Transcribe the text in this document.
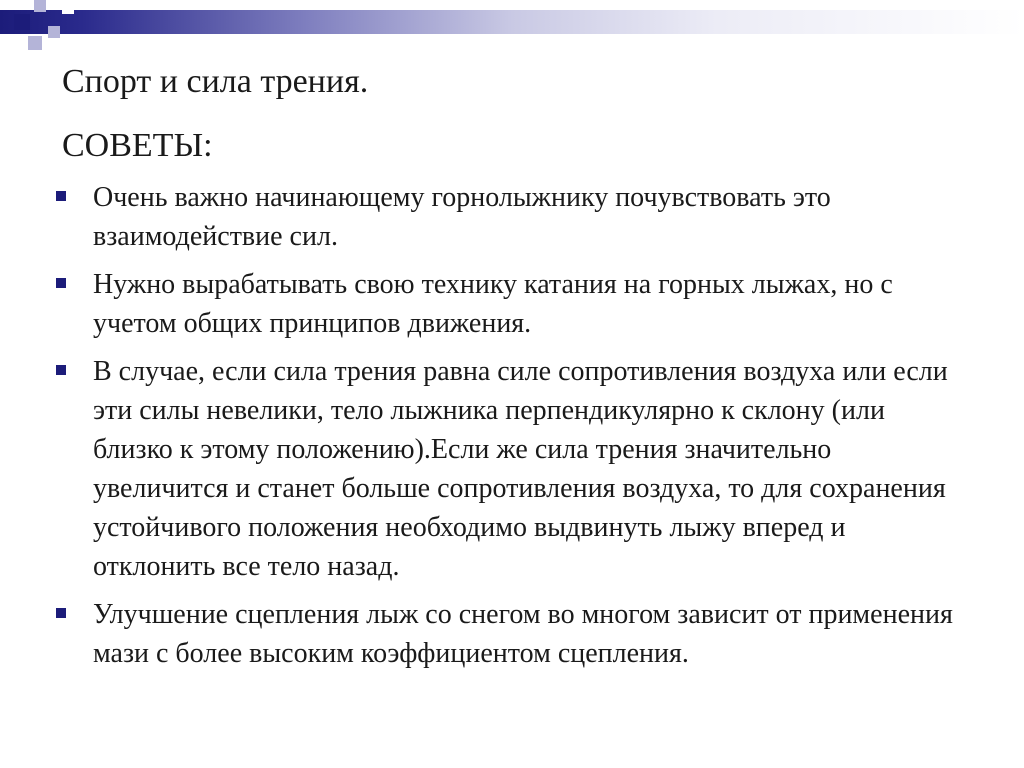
Спорт и сила трения.
СОВЕТЫ:
Очень важно начинающему горнолыжнику почувствовать это взаимодействие сил.
Нужно вырабатывать свою технику катания на горных лыжах, но с учетом общих принципов движения.
В случае, если сила трения равна силе сопротивления воздуха или если эти силы невелики, тело лыжника перпендикулярно к склону (или близко к этому положению).Если же сила трения значительно увеличится и станет больше сопротивления воздуха, то для сохранения устойчивого положения необходимо выдвинуть лыжу вперед и отклонить все тело назад.
Улучшение сцепления лыж со снегом во многом зависит от применения мази с более высоким коэффициентом сцепления.
